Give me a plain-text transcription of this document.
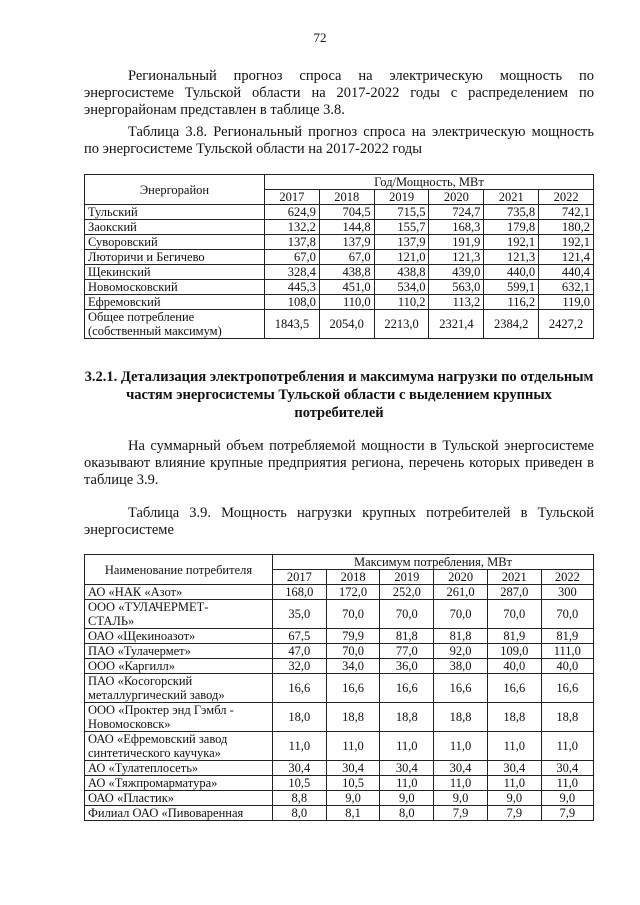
72
Региональный прогноз спроса на электрическую мощность по энергосистеме Тульской области на 2017-2022 годы с распределением по энергорайонам представлен в таблице 3.8.
Таблица 3.8. Региональный прогноз спроса на электрическую мощность по энергосистеме Тульской области на 2017-2022 годы
Энергорайон	Год/Мощность, МВт					
	2017	2018	2019	2020	2021	2022
Тульский	624,9	704,5	715,5	724,7	735,8	742,1
Заокский	132,2	144,8	155,7	168,3	179,8	180,2
Суворовский	137,8	137,9	137,9	191,9	192,1	192,1
Лютoричи и Бегичево	67,0	67,0	121,0	121,3	121,3	121,4
Щекинский	328,4	438,8	438,8	439,0	440,0	440,4
Новомосковский	445,3	451,0	534,0	563,0	599,1	632,1
Ефремовский	108,0	110,0	110,2	113,2	116,2	119,0
Общее потребление
(собственный максимум)	1843,5	2054,0	2213,0	2321,4	2384,2	2427,2
3.2.1. Детализация электропотребления и максимума нагрузки по отдельным частям энергосистемы Тульской области с выделением крупных потребителей
На суммарный объем потребляемой мощности в Тульской энергосистеме оказывают влияние крупные предприятия региона, перечень которых приведен в таблице 3.9.
Таблица 3.9. Мощность нагрузки крупных потребителей в Тульской энергосистеме
Наименование потребителя	Максимум потребления, МВт					
	2017	2018	2019	2020	2021	2022
АО «НАК «Азот»	168,0	172,0	252,0	261,0	287,0	300
ООО «ТУЛАЧЕРМЕТ-
СТАЛЬ»	35,0	70,0	70,0	70,0	70,0	70,0
ОАО «Щекиноазот»	67,5	79,9	81,8	81,8	81,9	81,9
ПАО «Тулачермет»	47,0	70,0	77,0	92,0	109,0	111,0
ООО «Каргилл»	32,0	34,0	36,0	38,0	40,0	40,0
ПАО «Косогорский
металлургический завод»	16,6	16,6	16,6	16,6	16,6	16,6
ООО «Проктер энд Гэмбл -
Новомосковск»	18,0	18,8	18,8	18,8	18,8	18,8
ОАО «Ефремовский завод
синтетического каучука»	11,0	11,0	11,0	11,0	11,0	11,0
АО «Тулатеплосеть»	30,4	30,4	30,4	30,4	30,4	30,4
АО «Тяжпромарматура»	10,5	10,5	11,0	11,0	11,0	11,0
ОАО «Пластик»	8,8	9,0	9,0	9,0	9,0	9,0
Филиал ОАО «Пивоваренная	8,0	8,1	8,0	7,9	7,9	7,9
